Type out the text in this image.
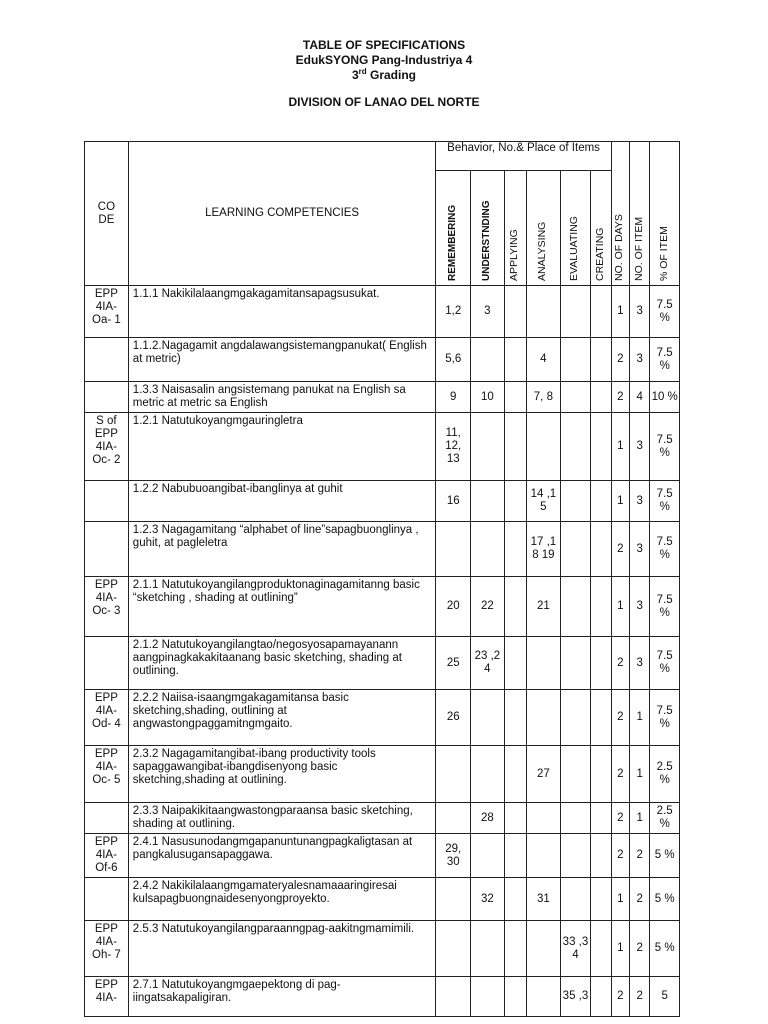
TABLE OF SPECIFICATIONS
EdukSYONG Pang-Industriya 4
3rd Grading
DIVISION OF LANAO DEL NORTE
CO DE	LEARNING COMPETENCIES	Behavior, No.& Place of Items						NO. OF DAYS	NO. OF ITEM	% OF ITEM

		REMEMBERING	UNDERSTNDING	APPLYING	ANALYSING	EVALUATING	CREATING			

EPP 4IA- Oa- 1	1.1.1 Nakikilalaangmgakagamitansapagsusukat.	1,2	3					1	3	7.5 %
	1.1.2.Nagagamit angdalawangsistemangpanukat( English at metric)	5,6			4			2	3	7.5 %
	1.3.3 Naisasalin angsistemang panukat na English sa metric at metric sa English	9	10		7, 8			2	4	10 %
S of EPP 4IA- Oc- 2	1.2.1 Natutukoyangmgauringletra	11, 12, 13						1	3	7.5 %
	1.2.2 Nabubuoangibat-ibanglinya at guhit	16			14 ,1 5			1	3	7.5 %
	1.2.3 Nagagamitang “alphabet of line”sapagbuonglinya , guhit, at pagleletra				17 ,1 8 19			2	3	7.5 %
EPP 4IA- Oc- 3	2.1.1 Natutukoyangilangproduktonaginagamitanng basic “sketching , shading at outlining”	20	22		21			1	3	7.5 %
	2.1.2 Natutukoyangilangtao/negosyosapamayanann aangpinagkakakitaanang basic sketching, shading at outlining.	25	23 ,2 4					2	3	7.5 %
EPP 4IA- Od- 4	2.2.2 Naiisa-isaangmgakagamitansa basic sketching,shading, outlining at angwastongpaggamitngmgaito.	26						2	1	7.5 %
EPP 4IA- Oc- 5	2.3.2 Nagagamitangibat-ibang productivity tools sapaggawangibat-ibangdisenyong basic sketching,shading at outlining.				27			2	1	2.5 %
	2.3.3 Naipakikitaangwastongparaansa basic sketching, shading at outlining.		28					2	1	2.5 %
EPP 4IA- Of-6	2.4.1 Nasusunodangmgapanuntunangpagkaligtasan at pangkalusugansapaggawa.	29, 30						2	2	5 %
	2.4.2 Nakikilalaangmgamateryalesnamaaaringiresai kulsapagbuongnaidesenyongproyekto.		32		31			1	2	5 %
EPP 4IA- Oh- 7	2.5.3 Natutukoyangilangparaanngpag-aakitngmamimili.					33 ,3 4		1	2	5 %
EPP 4IA-	2.7.1 Natutukoyangmgaepektong di pag-iingatsakapaligiran.					35 ,3		2	2	5
